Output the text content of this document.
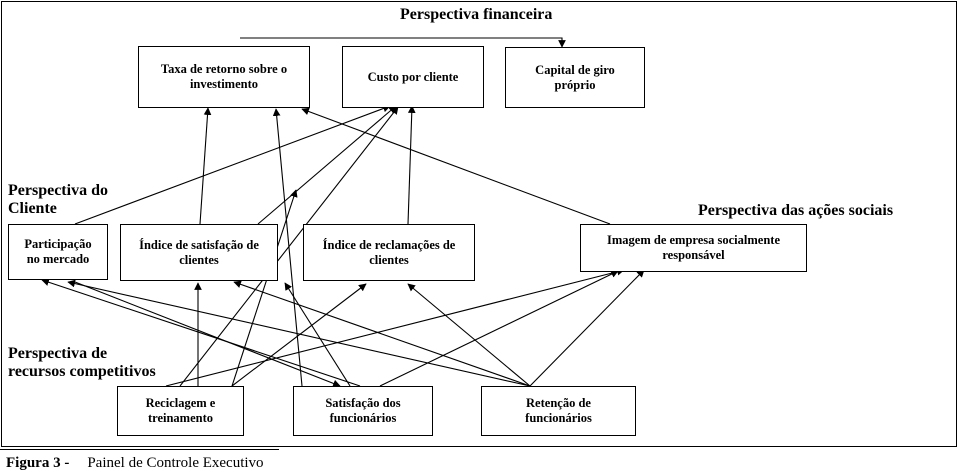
Perspectiva financeira
Perspectiva do
Cliente	Perspectiva das ações sociais
Perspectiva de
recursos competitivos
Taxa de retorno sobre o
investimento
Custo por cliente	Capital de giro
próprio
Participação
no mercado
Índice de satisfação de
clientes
Índice de reclamações de
clientes
Imagem de empresa socialmente
responsável
Reciclagem e
treinamento
Satisfação dos
funcionários
Retenção de
funcionários
Figura 3 - Painel de Controle Executivo
